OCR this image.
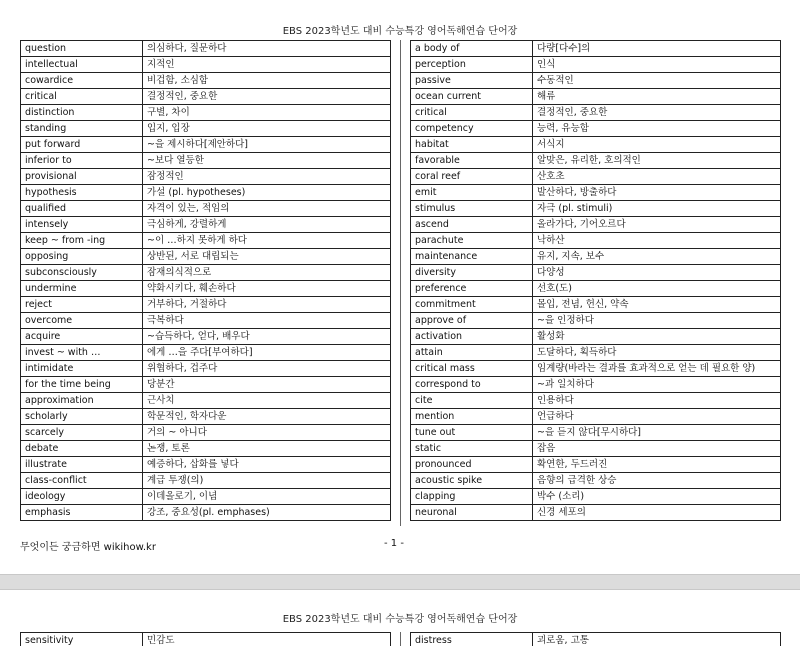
EBS 2023학년도 대비 수능특강 영어독해연습 단어장
question	의심하다, 질문하다
intellectual	지적인
cowardice	비겁함, 소심함
critical	결정적인, 중요한
distinction	구별, 차이
standing	입지, 입장
put forward	~을 제시하다[제안하다]
inferior to	~보다 열등한
provisional	잠정적인
hypothesis	가설 (pl. hypotheses)
qualified	자격이 있는, 적임의
intensely	극심하게, 강렬하게
keep ~ from -ing	~이 …하지 못하게 하다
opposing	상반된, 서로 대립되는
subconsciously	잠재의식적으로
undermine	약화시키다, 훼손하다
reject	거부하다, 거절하다
overcome	극복하다
acquire	~습득하다, 얻다, 배우다
invest ~ with …	에게 …을 주다[부여하다]
intimidate	위협하다, 겁주다
for the time being	당분간
approximation	근사치
scholarly	학문적인, 학자다운
scarcely	거의 ~ 아니다
debate	논쟁, 토론
illustrate	예증하다, 삽화를 넣다
class-conflict	계급 투쟁(의)
ideology	이데올로기, 이념
emphasis	강조, 중요성(pl. emphases)
a body of	다량[다수]의
perception	인식
passive	수동적인
ocean current	해류
critical	결정적인, 중요한
competency	능력, 유능함
habitat	서식지
favorable	알맞은, 유리한, 호의적인
coral reef	산호초
emit	발산하다, 방출하다
stimulus	자극 (pl. stimuli)
ascend	올라가다, 기어오르다
parachute	낙하산
maintenance	유지, 지속, 보수
diversity	다양성
preference	선호(도)
commitment	몰입, 전념, 헌신, 약속
approve of	~을 인정하다
activation	활성화
attain	도달하다, 획득하다
critical mass	임계량(바라는 결과를 효과적으로 얻는 데 필요한 양)
correspond to	~과 일치하다
cite	인용하다
mention	언급하다
tune out	~을 듣지 않다[무시하다]
static	잡음
pronounced	확연한, 두드러진
acoustic spike	음향의 급격한 상승
clapping	박수 (소리)
neuronal	신경 세포의
무엇이든 궁금하면 wikihow.kr	- 1 -
EBS 2023학년도 대비 수능특강 영어독해연습 단어장
sensitivity	민감도	distress	괴로움, 고통
